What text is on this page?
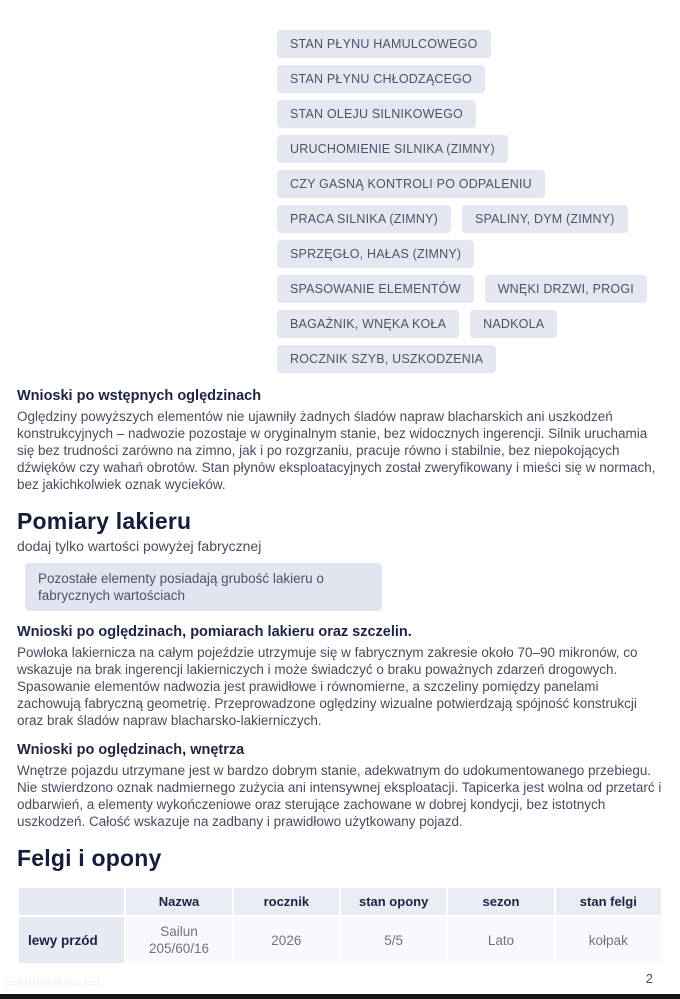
STAN PŁYNU HAMULCOWEGO
STAN PŁYNU CHŁODZĄCEGO
STAN OLEJU SILNIKOWEGO
URUCHOMIENIE SILNIKA (ZIMNY)
CZY GASNĄ KONTROLI PO ODPALENIU
PRACA SILNIKA (ZIMNY)	SPALINY, DYM (ZIMNY)
SPRZĘGŁO, HAŁAS (ZIMNY)
SPASOWANIE ELEMENTÓW	WNĘKI DRZWI, PROGI
BAGAŻNIK, WNĘKA KOŁA	NADKOLA
ROCZNIK SZYB, USZKODZENIA
Wnioski po wstępnych oględzinach

Oględziny powyższych elementów nie ujawniły żadnych śladów napraw blacharskich ani uszkodzeń konstrukcyjnych – nadwozie pozostaje w oryginalnym stanie, bez widocznych ingerencji. Silnik uruchamia się bez trudności zarówno na zimno, jak i po rozgrzaniu, pracuje równo i stabilnie, bez niepokojących dźwięków czy wahań obrotów. Stan płynów eksploatacyjnych został zweryfikowany i mieści się w normach, bez jakichkolwiek oznak wycieków.

Pomiary lakieru

dodaj tylko wartości powyżej fabrycznej

Pozostałe elementy posiadają grubość lakieru o fabrycznych wartościach
Wnioski po oględzinach, pomiarach lakieru oraz szczelin.

Powłoka lakiernicza na całym pojeździe utrzymuje się w fabrycznym zakresie około 70–90 mikronów, co wskazuje na brak ingerencji lakierniczych i może świadczyć o braku poważnych zdarzeń drogowych. Spasowanie elementów nadwozia jest prawidłowe i równomierne, a szczeliny pomiędzy panelami zachowują fabryczną geometrię. Przeprowadzone oględziny wizualne potwierdzają spójność konstrukcji oraz brak śladów napraw blacharsko-lakierniczych.

Wnioski po oględzinach, wnętrza

Wnętrze pojazdu utrzymane jest w bardzo dobrym stanie, adekwatnym do udokumentowanego przebiegu. Nie stwierdzono oznak nadmiernego zużycia ani intensywnej eksploatacji. Tapicerka jest wolna od przetarć i odbarwień, a elementy wykończeniowe oraz sterujące zachowane w dobrej kondycji, bez istotnych uszkodzeń. Całość wskazuje na zadbany i prawidłowo użytkowany pojazd.

Felgi i opony
	Nazwa	rocznik	stan opony	sezon	stan felgi
lewy przód	Sailun 205/60/16	2026	5/5	Lato	kołpak
ǀ=5ǀ0ǀ%%ǀ0=ǀ=ǀ	2
